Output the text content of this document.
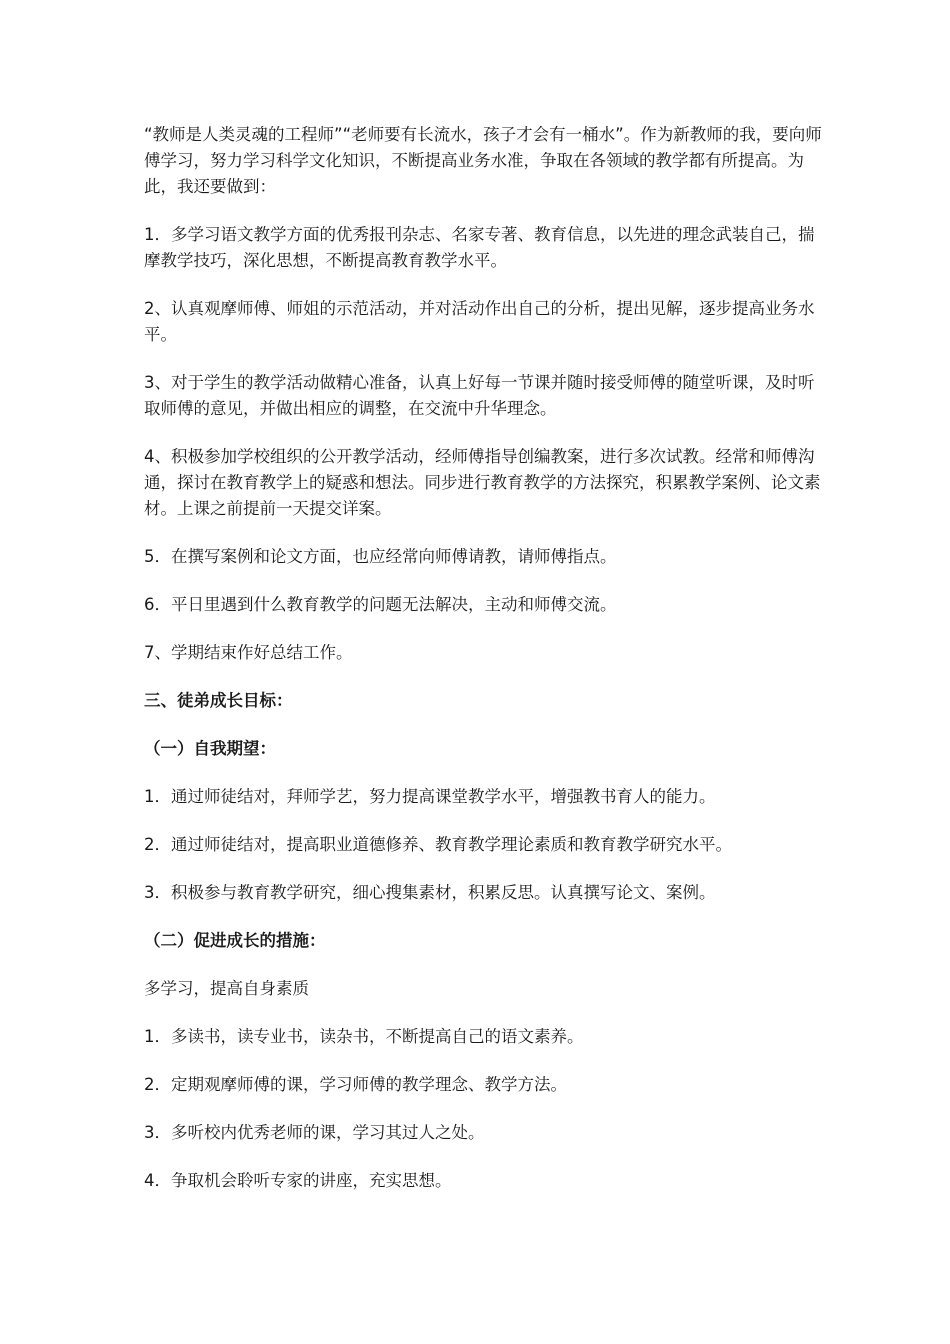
“教师是人类灵魂的工程师”“老师要有长流水，孩子才会有一桶水”。作为新教师的我，要向师傅学习，努力学习科学文化知识，不断提高业务水准，争取在各领域的教学都有所提高。为此，我还要做到：

1．多学习语文教学方面的优秀报刊杂志、名家专著、教育信息，以先进的理念武装自己，揣摩教学技巧，深化思想，不断提高教育教学水平。

2、认真观摩师傅、师姐的示范活动，并对活动作出自己的分析，提出见解，逐步提高业务水平。

3、对于学生的教学活动做精心准备，认真上好每一节课并随时接受师傅的随堂听课，及时听取师傅的意见，并做出相应的调整，在交流中升华理念。

4、积极参加学校组织的公开教学活动，经师傅指导创编教案，进行多次试教。经常和师傅沟通，探讨在教育教学上的疑惑和想法。同步进行教育教学的方法探究，积累教学案例、论文素材。上课之前提前一天提交详案。

5．在撰写案例和论文方面，也应经常向师傅请教，请师傅指点。

6．平日里遇到什么教育教学的问题无法解决，主动和师傅交流。

7、学期结束作好总结工作。

三、徒弟成长目标：

（一）自我期望：

1．通过师徒结对，拜师学艺，努力提高课堂教学水平，增强教书育人的能力。

2．通过师徒结对，提高职业道德修养、教育教学理论素质和教育教学研究水平。

3．积极参与教育教学研究，细心搜集素材，积累反思。认真撰写论文、案例。

（二）促进成长的措施：

多学习，提高自身素质

1．多读书，读专业书，读杂书，不断提高自己的语文素养。

2．定期观摩师傅的课，学习师傅的教学理念、教学方法。

3．多听校内优秀老师的课，学习其过人之处。

4．争取机会聆听专家的讲座，充实思想。
